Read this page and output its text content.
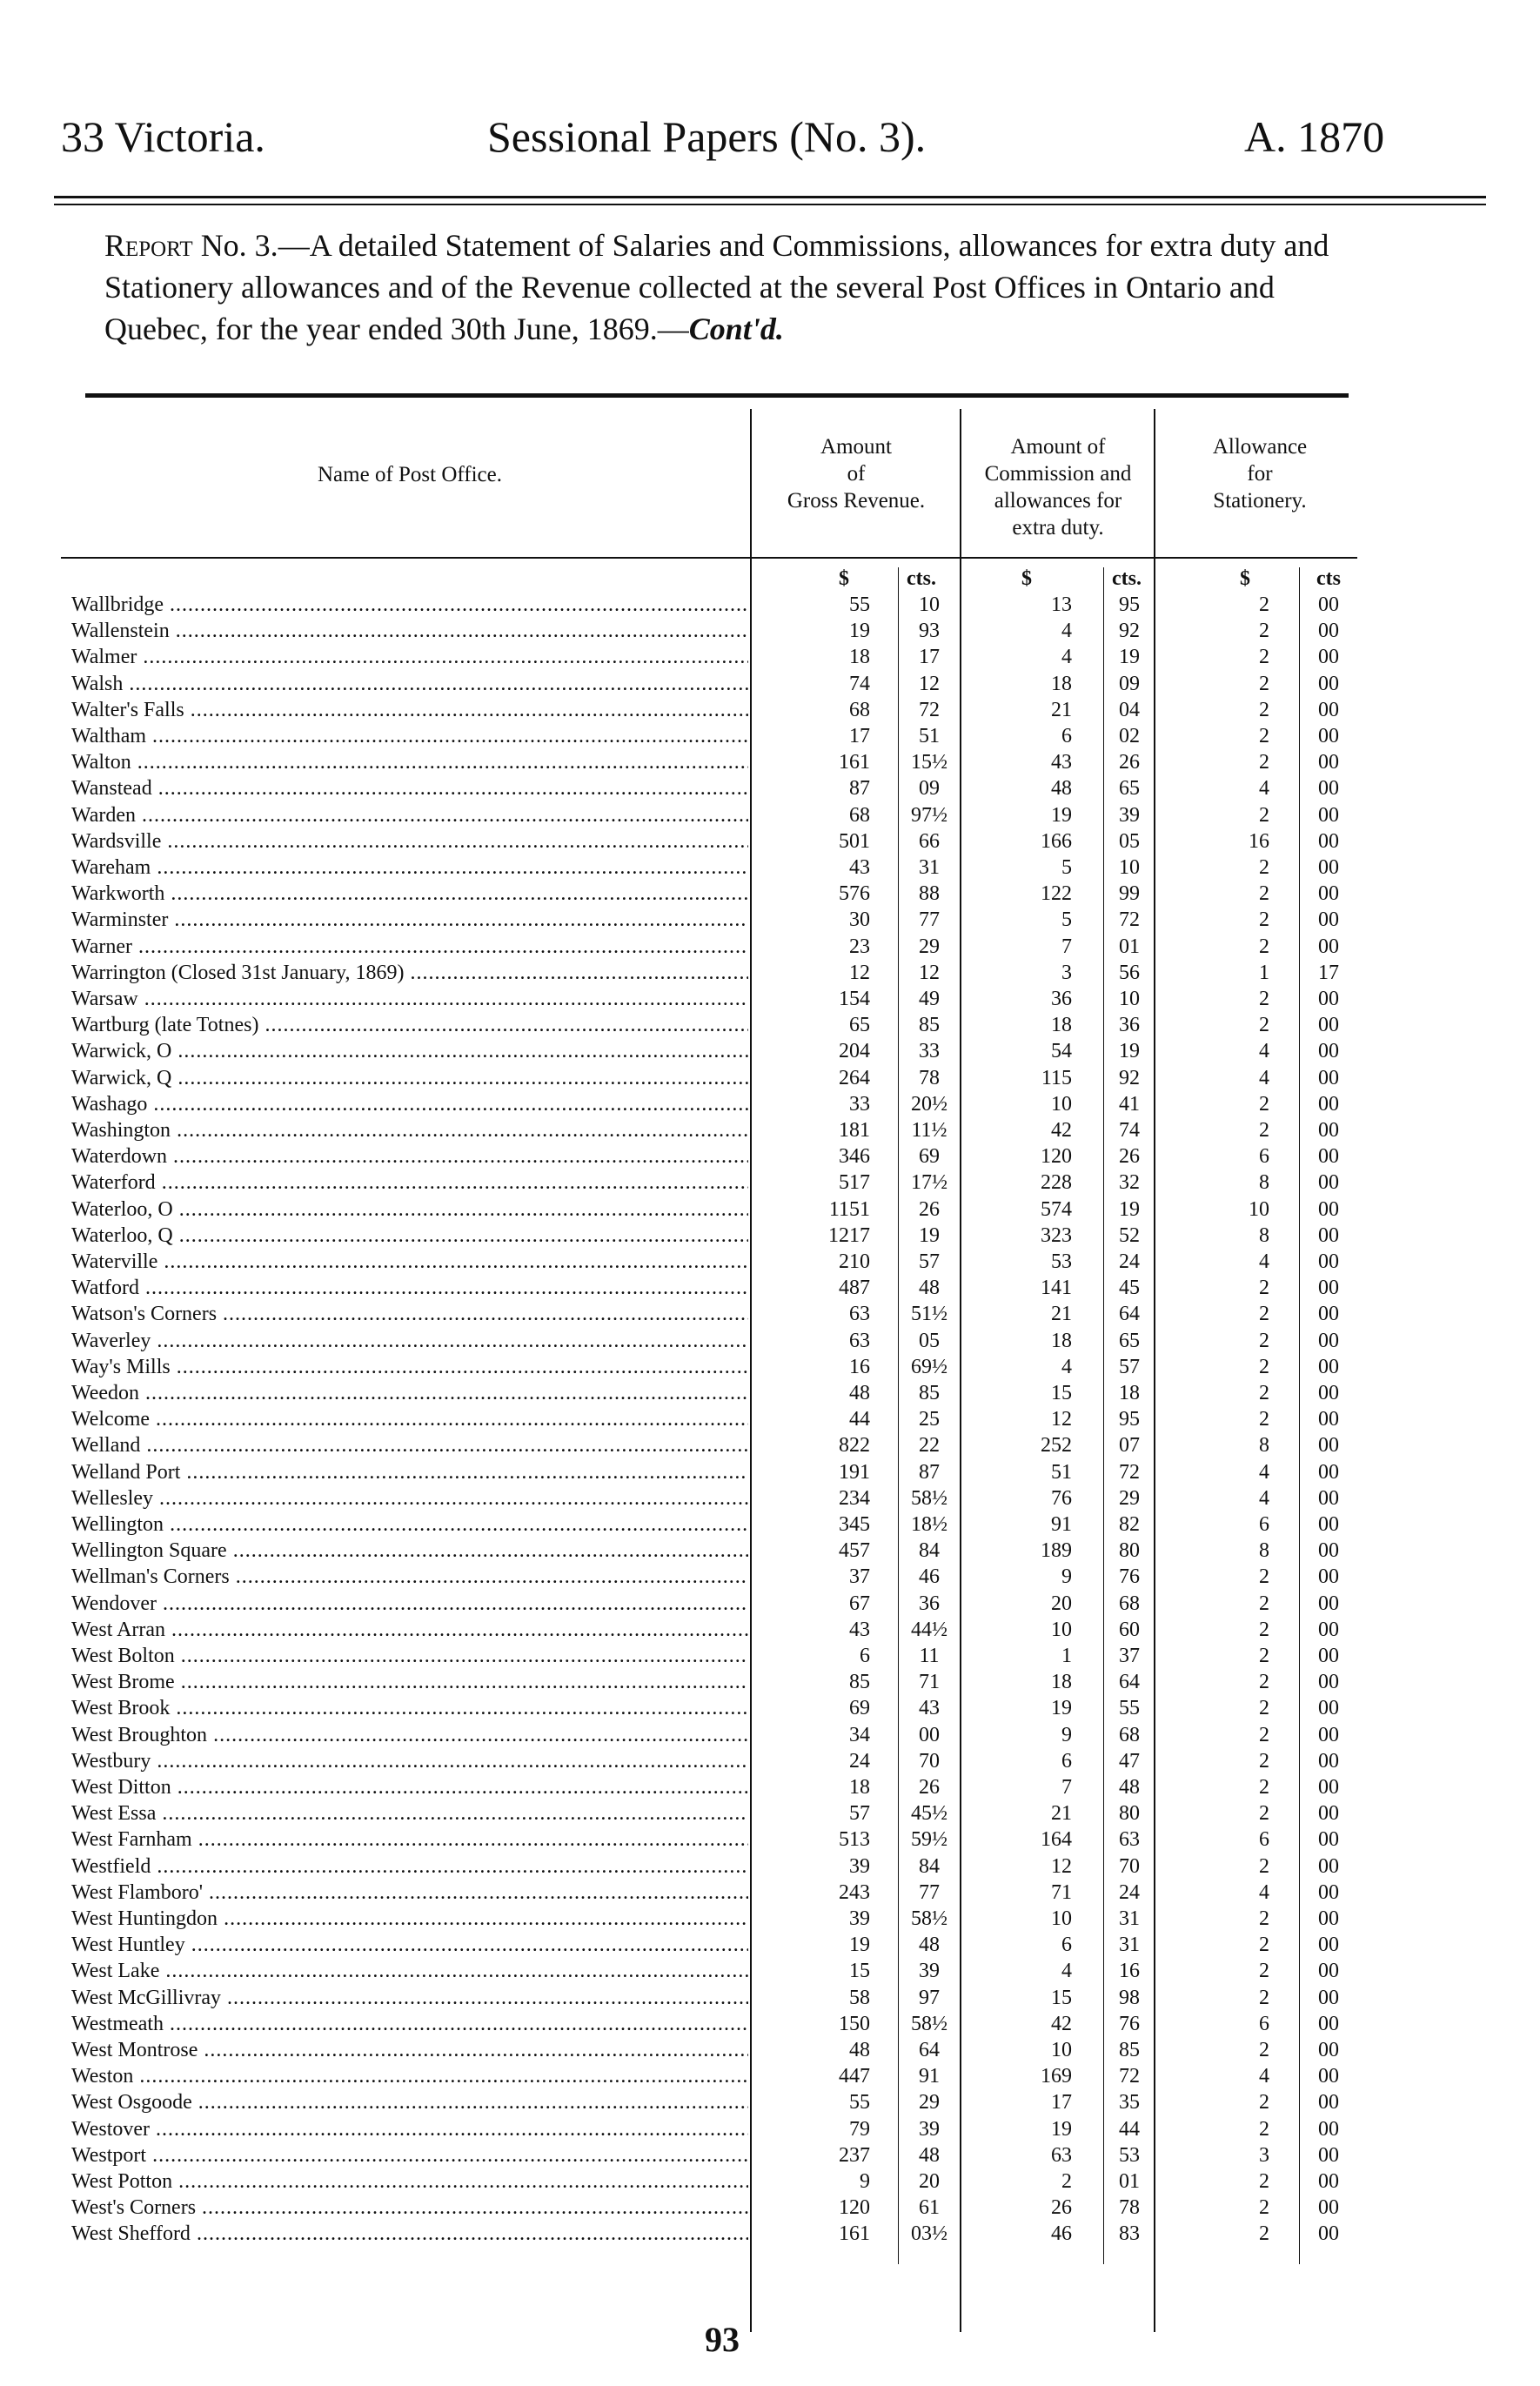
33 Victoria.	Sessional Papers (No. 3).	A. 1870
Report No. 3.—A detailed Statement of Salaries and Commissions, allowances for extra duty and Stationery allowances and of the Revenue collected at the several Post Offices in Ontario and Quebec, for the year ended 30th June, 1869.—Cont'd.
Name of Post Office.
Amount
of
Gross Revenue.
Amount of
Commission and
allowances for
extra duty.
Allowance
for
Stationery.
$	cts.	$	cts.	$	cts
Wallbridge .....	55	10	13	95	2	00
Wallenstein .....	19	93	4	92	2	00
Walmer .....	18	17	4	19	2	00
Walsh .....	74	12	18	09	2	00
Walter's Falls .....	68	72	21	04	2	00
Waltham .....	17	51	6	02	2	00
Walton .....	161	15½	43	26	2	00
Wanstead .....	87	09	48	65	4	00
Warden .....	68	97½	19	39	2	00
Wardsville .....	501	66	166	05	16	00
Wareham .....	43	31	5	10	2	00
Warkworth .....	576	88	122	99	2	00
Warminster .....	30	77	5	72	2	00
Warner .....	23	29	7	01	2	00
Warrington (Closed 31st January, 1869) .....	12	12	3	56	1	17
Warsaw .....	154	49	36	10	2	00
Wartburg (late Totnes) .....	65	85	18	36	2	00
Warwick, O .....	204	33	54	19	4	00
Warwick, Q .....	264	78	115	92	4	00
Washago .....	33	20½	10	41	2	00
Washington .....	181	11½	42	74	2	00
Waterdown .....	346	69	120	26	6	00
Waterford .....	517	17½	228	32	8	00
Waterloo, O .....	1151	26	574	19	10	00
Waterloo, Q .....	1217	19	323	52	8	00
Waterville .....	210	57	53	24	4	00
Watford .....	487	48	141	45	2	00
Watson's Corners .....	63	51½	21	64	2	00
Waverley .....	63	05	18	65	2	00
Way's Mills .....	16	69½	4	57	2	00
Weedon .....	48	85	15	18	2	00
Welcome .....	44	25	12	95	2	00
Welland .....	822	22	252	07	8	00
Welland Port .....	191	87	51	72	4	00
Wellesley .....	234	58½	76	29	4	00
Wellington .....	345	18½	91	82	6	00
Wellington Square .....	457	84	189	80	8	00
Wellman's Corners .....	37	46	9	76	2	00
Wendover .....	67	36	20	68	2	00
West Arran .....	43	44½	10	60	2	00
West Bolton .....	6	11	1	37	2	00
West Brome .....	85	71	18	64	2	00
West Brook .....	69	43	19	55	2	00
West Broughton .....	34	00	9	68	2	00
Westbury .....	24	70	6	47	2	00
West Ditton .....	18	26	7	48	2	00
West Essa .....	57	45½	21	80	2	00
West Farnham .....	513	59½	164	63	6	00
Westfield .....	39	84	12	70	2	00
West Flamboro' .....	243	77	71	24	4	00
West Huntingdon .....	39	58½	10	31	2	00
West Huntley .....	19	48	6	31	2	00
West Lake .....	15	39	4	16	2	00
West McGillivray .....	58	97	15	98	2	00
Westmeath .....	150	58½	42	76	6	00
West Montrose .....	48	64	10	85	2	00
Weston .....	447	91	169	72	4	00
West Osgoode .....	55	29	17	35	2	00
Westover .....	79	39	19	44	2	00
Westport .....	237	48	63	53	3	00
West Potton .....	9	20	2	01	2	00
West's Corners .....	120	61	26	78	2	00
West Shefford .....	161	03½	46	83	2	00
93
